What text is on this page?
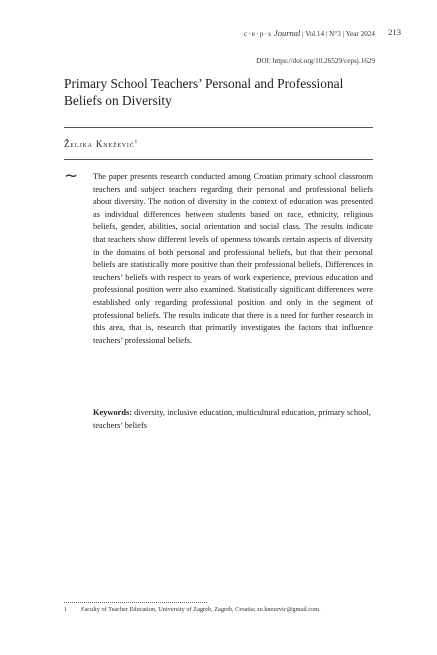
c·e·p·s Journal | Vol.14 | N°3 | Year 2024 213
DOI: https://doi.org/10.26529/cepsj.1629
Primary School Teachers’ Personal and Professional Beliefs on Diversity
Željka Knežević$^1$
~ The paper presents research conducted among Croatian primary school classroom teachers and subject teachers regarding their personal and professional beliefs about diversity. The notion of diversity in the context of education was presented as individual differences between students based on race, ethnicity, religious beliefs, gender, abilities, social orientation and social class. The results indicate that teachers show different levels of openness towards certain aspects of diversity in the domains of both personal and professional beliefs, but that their personal beliefs are statistically more positive than their professional beliefs. Differences in teachers’ beliefs with respect to years of work experience, previous education and professional position were also examined. Statistically significant differences were established only regarding professional position and only in the segment of professional beliefs. The results indicate that there is a need for further research in this area, that is, research that primarily investigates the factors that influence teachers’ professional beliefs.
Keywords: diversity, inclusive education, multicultural education, primary school, teachers’ beliefs
1 Faculty of Teacher Education, University of Zagreb, Zagreb, Croatia; ze.knezevic@gmail.com.
